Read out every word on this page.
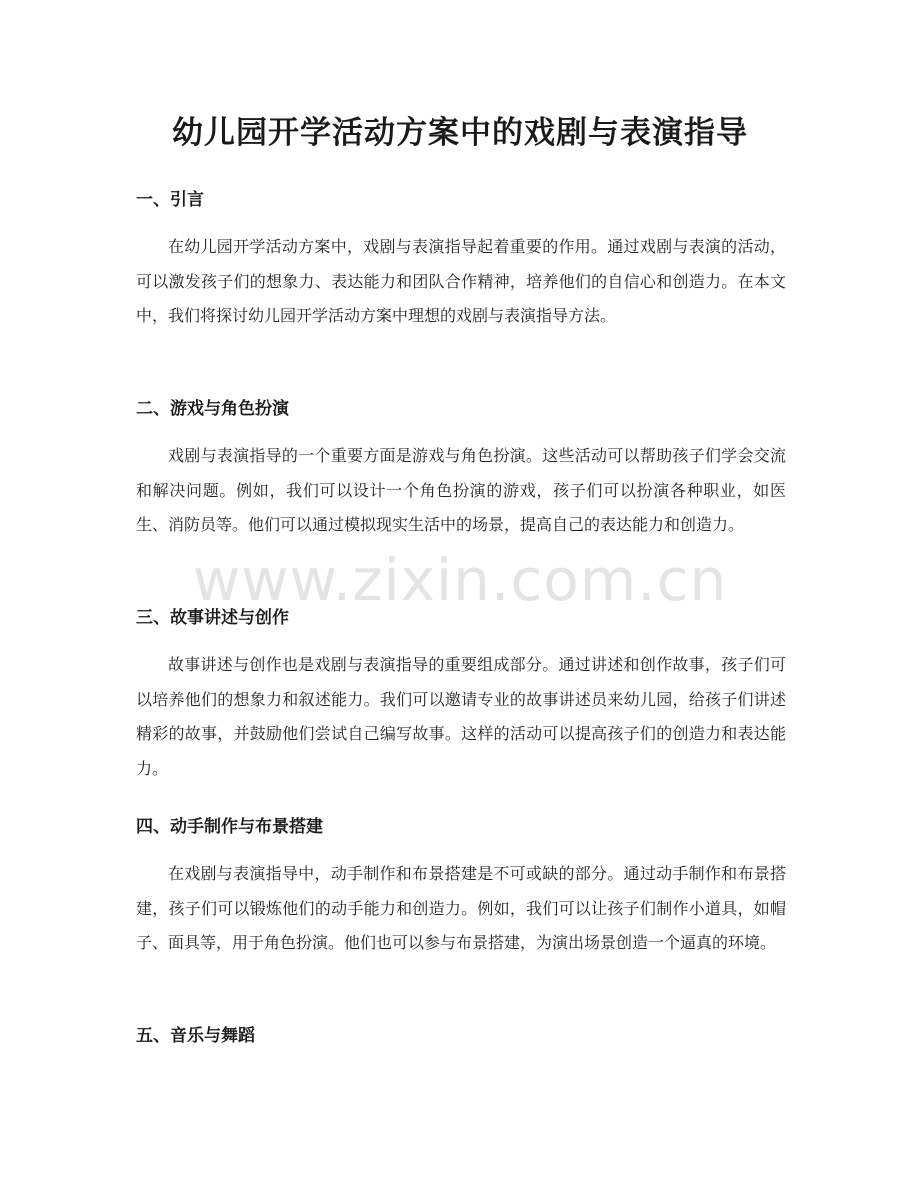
幼儿园开学活动方案中的戏剧与表演指导
一、引言

在幼儿园开学活动方案中，戏剧与表演指导起着重要的作用。通过戏剧与表演的活动，可以激发孩子们的想象力、表达能力和团队合作精神，培养他们的自信心和创造力。在本文中，我们将探讨幼儿园开学活动方案中理想的戏剧与表演指导方法。

二、游戏与角色扮演

戏剧与表演指导的一个重要方面是游戏与角色扮演。这些活动可以帮助孩子们学会交流和解决问题。例如，我们可以设计一个角色扮演的游戏，孩子们可以扮演各种职业，如医生、消防员等。他们可以通过模拟现实生活中的场景，提高自己的表达能力和创造力。

三、故事讲述与创作

故事讲述与创作也是戏剧与表演指导的重要组成部分。通过讲述和创作故事，孩子们可以培养他们的想象力和叙述能力。我们可以邀请专业的故事讲述员来幼儿园，给孩子们讲述精彩的故事，并鼓励他们尝试自己编写故事。这样的活动可以提高孩子们的创造力和表达能力。

四、动手制作与布景搭建

在戏剧与表演指导中，动手制作和布景搭建是不可或缺的部分。通过动手制作和布景搭建，孩子们可以锻炼他们的动手能力和创造力。例如，我们可以让孩子们制作小道具，如帽子、面具等，用于角色扮演。他们也可以参与布景搭建，为演出场景创造一个逼真的环境。

五、音乐与舞蹈
www.zixin.com.cn
